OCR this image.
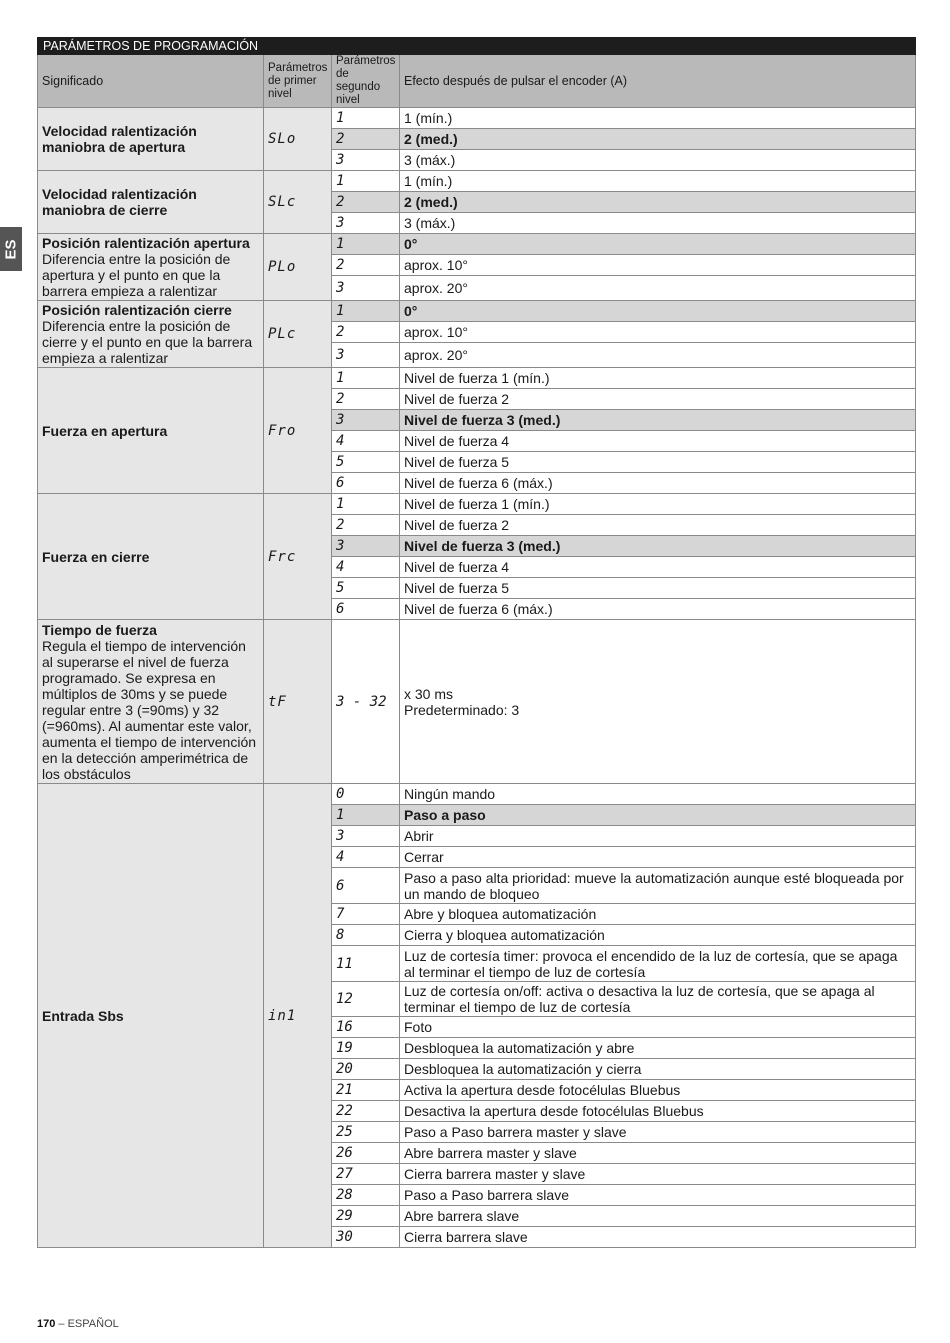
ES
PARÁMETROS DE PROGRAMACIÓN			
Significado	Parámetros de primer nivel	Parámetros de segundo nivel	Efecto después de pulsar el encoder (A)

Velocidad ralentización maniobra de apertura	SLo	1	1 (mín.)
		2	2 (med.)
		3	3 (máx.)

Velocidad ralentización maniobra de cierre	SLc	1	1 (mín.)
		2	2 (med.)
		3	3 (máx.)

Posición ralentización apertura
Diferencia entre la posición de apertura y el punto en que la barrera empieza a ralentizar	PLo	1	0°
		2	aprox. 10°
		3	aprox. 20°

Posición ralentización cierre
Diferencia entre la posición de cierre y el punto en que la barrera empieza a ralentizar	PLc	1	0°
		2	aprox. 10°
		3	aprox. 20°

Fuerza en apertura	Fro	1	Nivel de fuerza 1 (mín.)
		2	Nivel de fuerza 2
		3	Nivel de fuerza 3 (med.)
		4	Nivel de fuerza 4
		5	Nivel de fuerza 5
		6	Nivel de fuerza 6 (máx.)

Fuerza en cierre	Frc	1	Nivel de fuerza 1 (mín.)
		2	Nivel de fuerza 2
		3	Nivel de fuerza 3 (med.)
		4	Nivel de fuerza 4
		5	Nivel de fuerza 5
		6	Nivel de fuerza 6 (máx.)

Tiempo de fuerza
Regula el tiempo de intervención al superarse el nivel de fuerza programado. Se expresa en múltiplos de 30ms y se puede regular entre 3 (=90ms) y 32 (=960ms). Al aumentar este valor, aumenta el tiempo de intervención en la detección amperimétrica de los obstáculos	tF	3 - 32	x 30 ms
Predeterminado: 3

Entrada Sbs	in1	0	Ningún mando
		1	Paso a paso
		3	Abrir
		4	Cerrar
		6	Paso a paso alta prioridad: mueve la automatización aunque esté bloqueada por un mando de bloqueo
		7	Abre y bloquea automatización
		8	Cierra y bloquea automatización
		11	Luz de cortesía timer: provoca el encendido de la luz de cortesía, que se apaga al terminar el tiempo de luz de cortesía
		12	Luz de cortesía on/off: activa o desactiva la luz de cortesía, que se apaga al terminar el tiempo de luz de cortesía
		16	Foto
		19	Desbloquea la automatización y abre
		20	Desbloquea la automatización y cierra
		21	Activa la apertura desde fotocélulas Bluebus
		22	Desactiva la apertura desde fotocélulas Bluebus
		25	Paso a Paso barrera master y slave
		26	Abre barrera master y slave
		27	Cierra barrera master y slave
		28	Paso a Paso barrera slave
		29	Abre barrera slave
		30	Cierra barrera slave
170 – ESPAÑOL
